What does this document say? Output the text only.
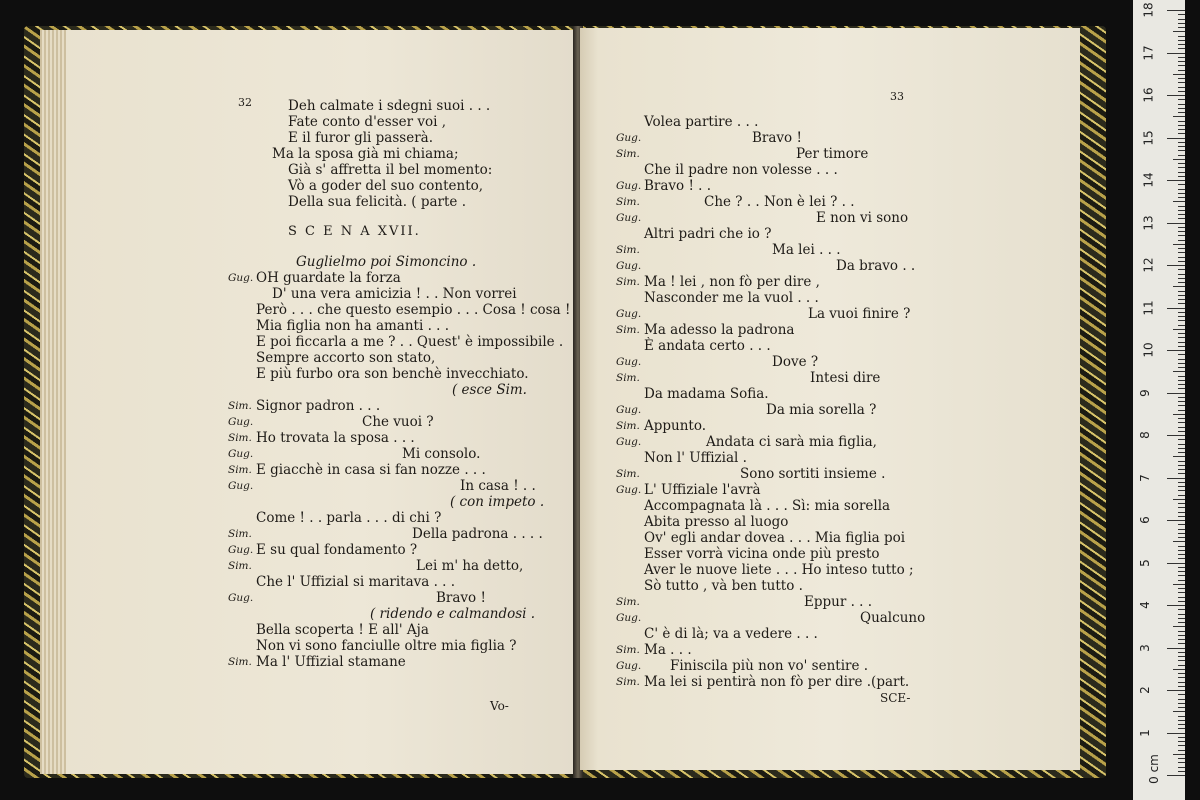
32	Deh calmate i sdegni suoi . . .
Fate conto d'esser voi ,
E il furor gli passerà.
Ma la sposa già mi chiama;
Già s' affretta il bel momento:
Vò a goder del suo contento,
Della sua felicità. ( parte .
S C E N A XVII.
Guglielmo poi Simoncino .
Gug. OH guardate la forza
D' una vera amicizia ! . . Non vorrei
Però . . . che questo esempio . . . Cosa ! cosa !
Mia figlia non ha amanti . . .
E poi ficcarla a me ? . . Quest' è impossibile .
Sempre accorto son stato,
E più furbo ora son benchè invecchiato.
( esce Sim.
Sim. Signor padron . . .
Gug.	Che vuoi ?
Sim. Ho trovata la sposa . . .
Gug.	Mi consolo.
Sim. E giacchè in casa si fan nozze . . .
Gug.	In casa ! . .
( con impeto .
Come ! . . parla . . . di chi ?
Sim.	Della padrona . . . .
Gug. E su qual fondamento ?
Sim.	Lei m' ha detto,
Che l' Uffizial si maritava . . .
Gug.	Bravo !
( ridendo e calmandosi .
Bella scoperta ! E all' Aja
Non vi sono fanciulle oltre mia figlia ?
Sim. Ma l' Uffizial stamane
Vo-
33
Volea partire . . .
Gug.	Bravo !
Sim.	Per timore
Che il padre non volesse . . .
Gug. Bravo ! . .
Sim.	Che ? . . Non è lei ? . .
Gug.	E non vi sono
Altri padri che io ?
Sim.	Ma lei . . .
Gug.	Da bravo . .
Sim. Ma ! lei , non fò per dire ,
Nasconder me la vuol . . .
Gug.	La vuoi finire ?
Sim. Ma adesso la padrona
È andata certo . . .
Gug.	Dove ?
Sim.	Intesi dire
Da madama Sofia.
Gug.	Da mia sorella ?
Sim. Appunto.
Gug.	Andata ci sarà mia figlia,
Non l' Uffizial .
Sim.	Sono sortiti insieme .
Gug. L' Uffiziale l'avrà
Accompagnata là . . . Sì: mia sorella
Abita presso al luogo
Ov' egli andar dovea . . . Mia figlia poi
Esser vorrà vicina onde più presto
Aver le nuove liete . . . Ho inteso tutto ;
Sò tutto , và ben tutto .
Sim.	Eppur . . .
Gug.	Qualcuno
C' è di là; va a vedere . . .
Sim. Ma . . .
Gug. Finiscila più non vo' sentire .
Sim. Ma lei si pentirà non fò per dire .(part.
SCE-
0 cm
1
2
3
4
5
6
7
8
9
10
11
12
13
14
15
16
17
18
